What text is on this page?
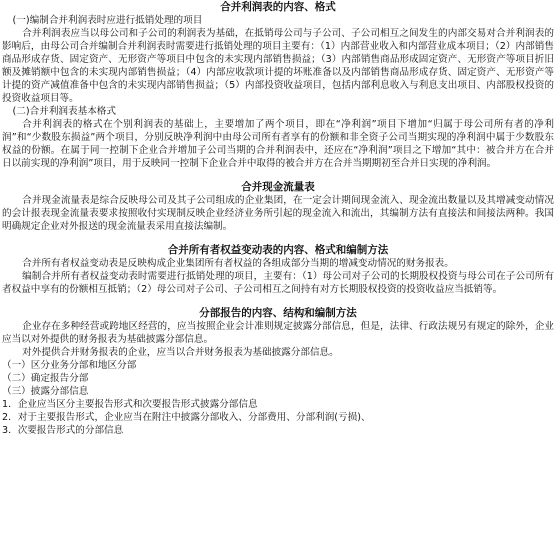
合并利润表的内容、格式

(一)编制合并利润表时应进行抵销处理的项目

合并利润表应当以母公司和子公司的利润表为基础，在抵销母公司与子公司、子公司相互之间发生的内部交易对合并利润表的影响后，由母公司合并编制合并利润表时需要进行抵销处理的项目主要有：（1）内部营业收入和内部营业成本项目；（2）内部销售商品形成存货、固定资产、无形资产等项目中包含的未实现内部销售损益；（3）内部销售商品形成固定资产、无形资产等项目折旧额及摊销额中包含的未实现内部销售损益；（4）内部应收款项计提的坏账准备以及内部销售商品形成存货、固定资产、无形资产等计提的资产减值准备中包含的未实现内部销售损益；（5）内部投资收益项目，包括内部利息收入与利息支出项目、内部股权投资的投资收益项目等。

(二)合并利润表基本格式

合并利润表的格式在个别利润表的基础上，主要增加了两个项目，即在“净利润”项目下增加“归属于母公司所有者的净利润”和“少数股东损益”两个项目，分别反映净利润中由母公司所有者享有的份额和非全资子公司当期实现的净利润中属于少数股东权益的份额。在属于同一控制下企业合并增加子公司当期的合并利润表中，还应在“净利润”项目之下增加“其中：被合并方在合并日以前实现的净利润”项目，用于反映同一控制下企业合并中取得的被合并方在合并当期期初至合并日实现的净利润。

合并现金流量表

合并现金流量表是综合反映母公司及其子公司组成的企业集团，在一定会计期间现金流入、现金流出数量以及其增减变动情况的会计报表现金流量表要求按照收付实现制反映企业经济业务所引起的现金流入和流出，其编制方法有直接法和间接法两种。我国明确规定企业对外报送的现金流量表采用直接法编制。

合并所有者权益变动表的内容、格式和编制方法

合并所有者权益变动表是反映构成企业集团所有者权益的各组成部分当期的增减变动情况的财务报表。

编制合并所有者权益变动表时需要进行抵销处理的项目，主要有：（1）母公司对子公司的长期股权投资与母公司在子公司所有者权益中享有的份额相互抵销；（2）母公司对子公司、子公司相互之间持有对方长期股权投资的投资收益应当抵销等。

分部报告的内容、结构和编制方法

企业存在多种经营或跨地区经营的，应当按照企业会计准则规定披露分部信息，但是，法律、行政法规另有规定的除外，企业应当以对外提供的财务报表为基础披露分部信息。

对外提供合并财务报表的企业，应当以合并财务报表为基础披露分部信息。

（一）区分业务分部和地区分部

（二）确定报告分部

（三）披露分部信息

1．企业应当区分主要报告形式和次要报告形式披露分部信息

2．对于主要报告形式，企业应当在附注中披露分部收入、分部费用、分部利润(亏损)、

3．次要报告形式的分部信息
